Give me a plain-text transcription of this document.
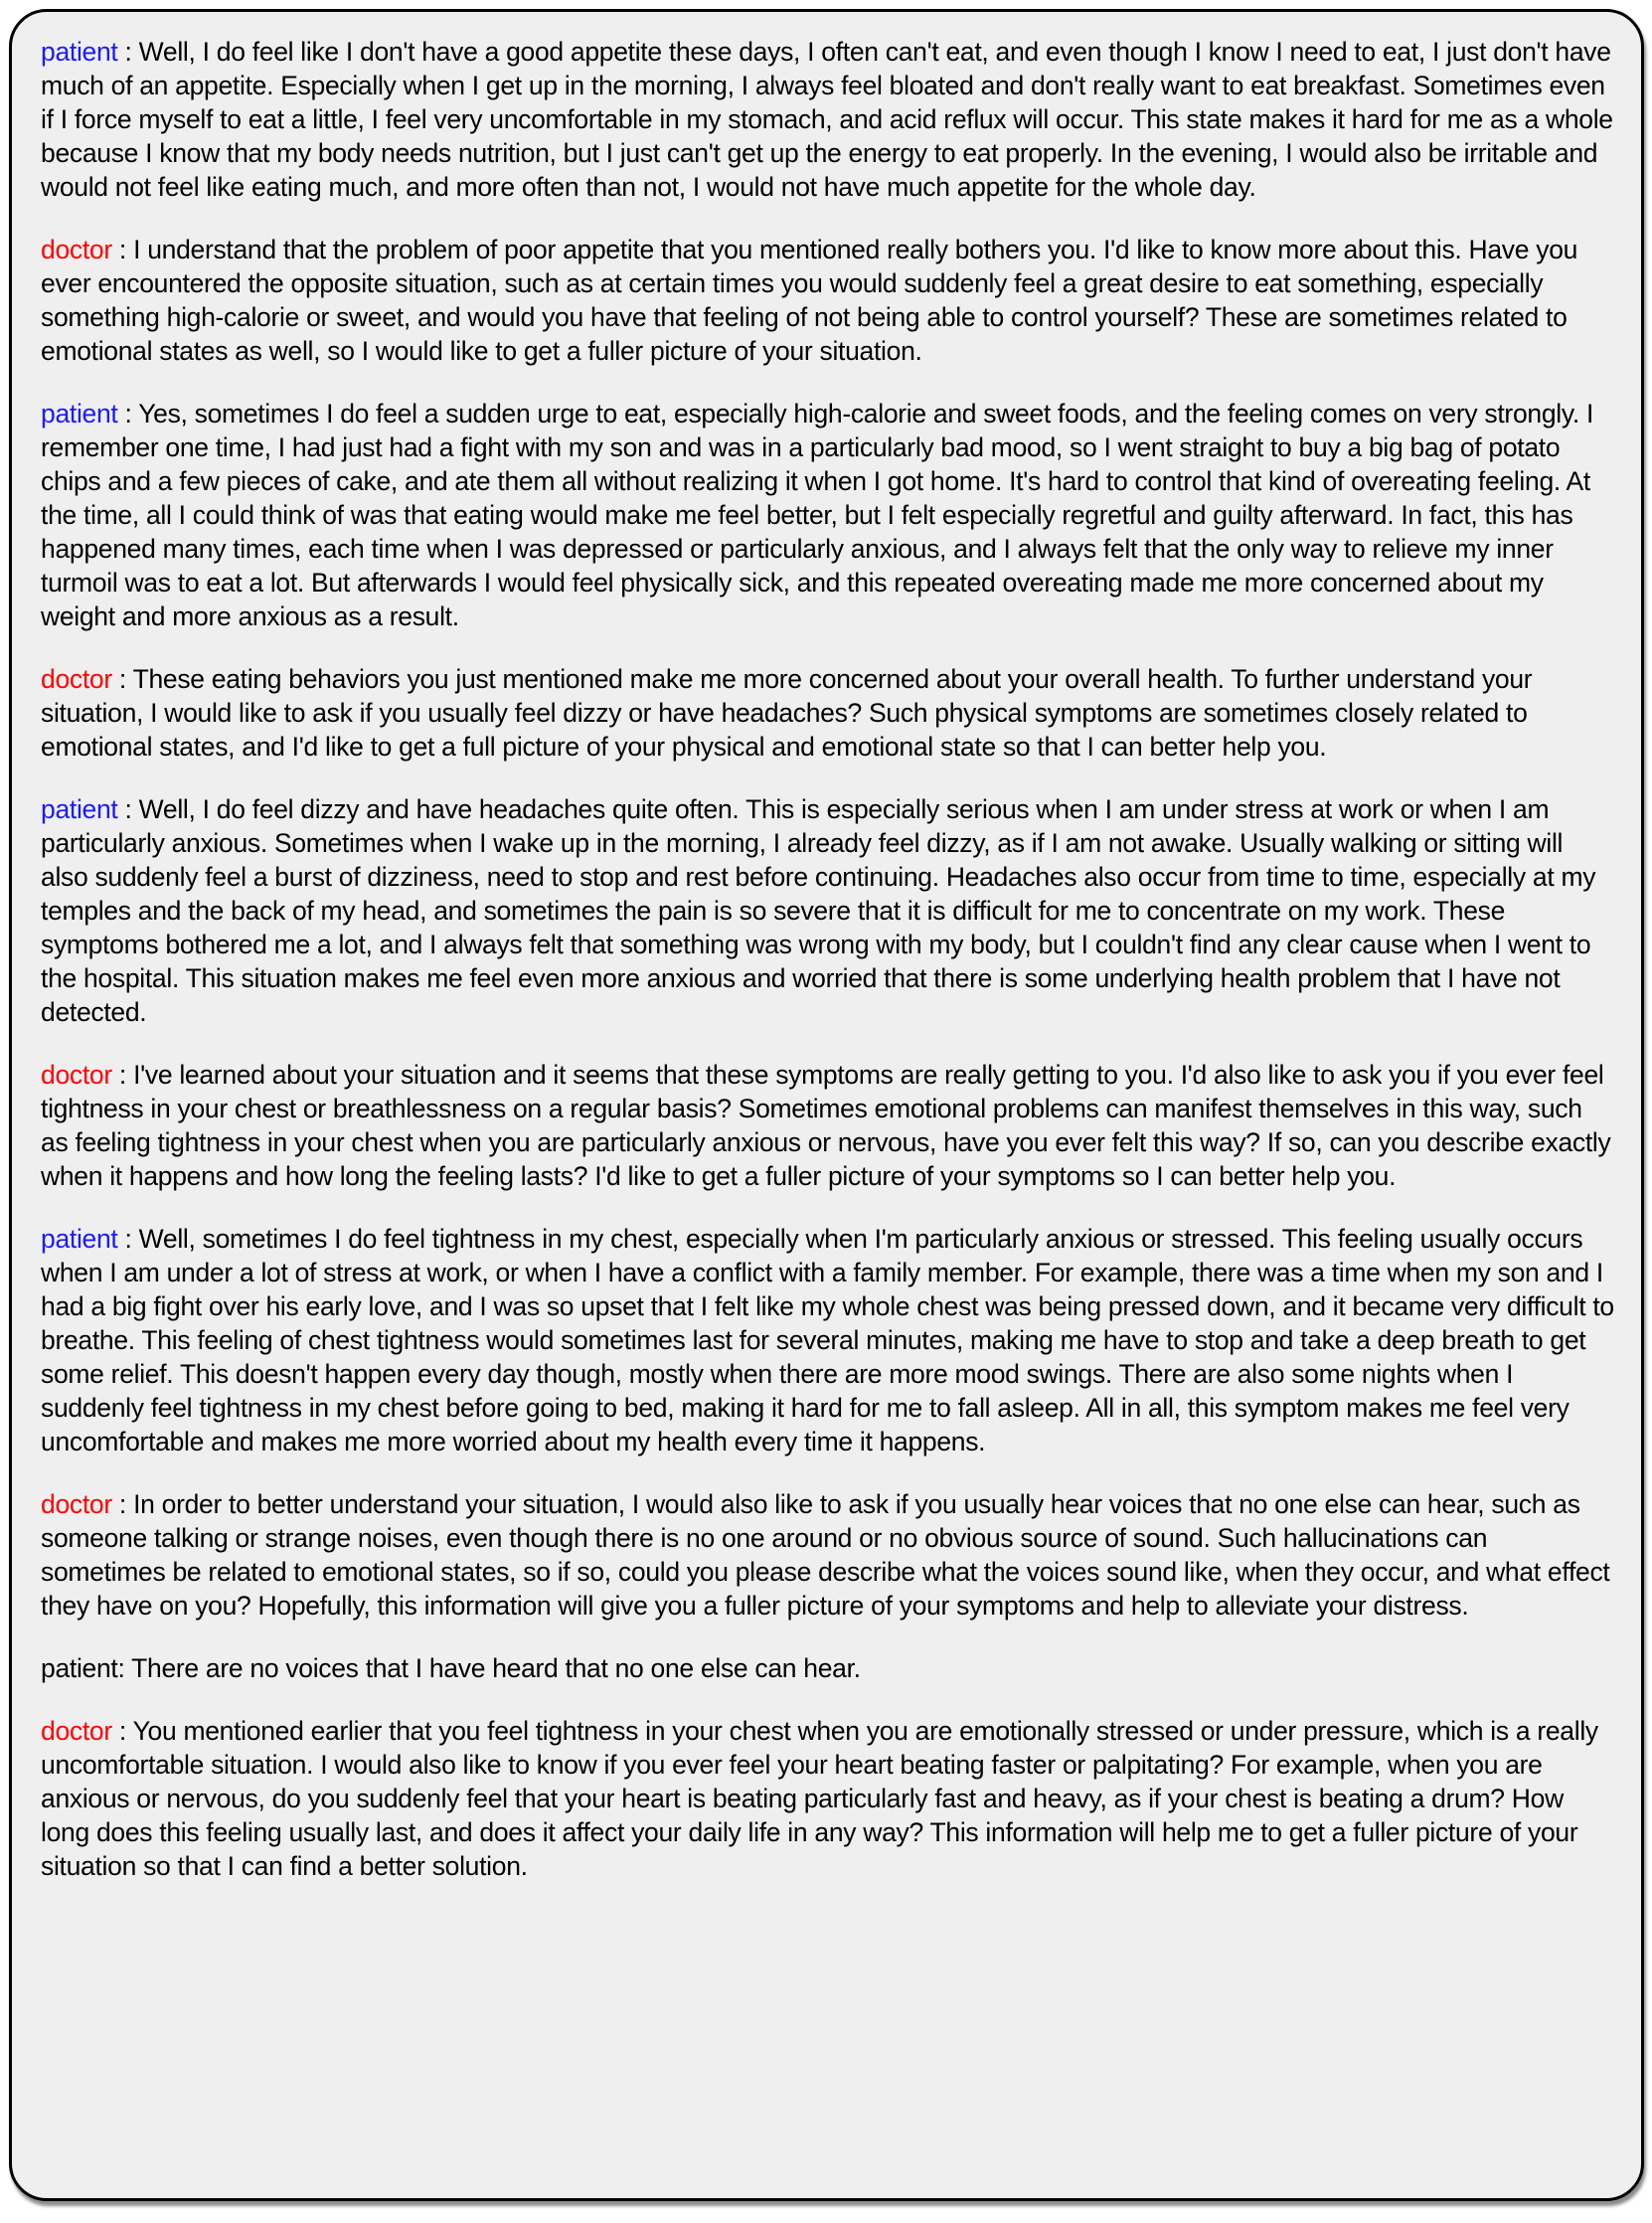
patient : Well, I do feel like I don't have a good appetite these days, I often can't eat, and even though I know I need to eat, I just don't have much of an appetite. Especially when I get up in the morning, I always feel bloated and don't really want to eat breakfast. Sometimes even if I force myself to eat a little, I feel very uncomfortable in my stomach, and acid reflux will occur. This state makes it hard for me as a whole because I know that my body needs nutrition, but I just can't get up the energy to eat properly. In the evening, I would also be irritable and would not feel like eating much, and more often than not, I would not have much appetite for the whole day.

doctor : I understand that the problem of poor appetite that you mentioned really bothers you. I'd like to know more about this. Have you ever encountered the opposite situation, such as at certain times you would suddenly feel a great desire to eat something, especially something high-calorie or sweet, and would you have that feeling of not being able to control yourself? These are sometimes related to emotional states as well, so I would like to get a fuller picture of your situation.

patient : Yes, sometimes I do feel a sudden urge to eat, especially high-calorie and sweet foods, and the feeling comes on very strongly. I remember one time, I had just had a fight with my son and was in a particularly bad mood, so I went straight to buy a big bag of potato chips and a few pieces of cake, and ate them all without realizing it when I got home. It's hard to control that kind of overeating feeling. At the time, all I could think of was that eating would make me feel better, but I felt especially regretful and guilty afterward. In fact, this has happened many times, each time when I was depressed or particularly anxious, and I always felt that the only way to relieve my inner turmoil was to eat a lot. But afterwards I would feel physically sick, and this repeated overeating made me more concerned about my weight and more anxious as a result.

doctor : These eating behaviors you just mentioned make me more concerned about your overall health. To further understand your situation, I would like to ask if you usually feel dizzy or have headaches? Such physical symptoms are sometimes closely related to emotional states, and I'd like to get a full picture of your physical and emotional state so that I can better help you.

patient : Well, I do feel dizzy and have headaches quite often. This is especially serious when I am under stress at work or when I am particularly anxious. Sometimes when I wake up in the morning, I already feel dizzy, as if I am not awake. Usually walking or sitting will also suddenly feel a burst of dizziness, need to stop and rest before continuing. Headaches also occur from time to time, especially at my temples and the back of my head, and sometimes the pain is so severe that it is difficult for me to concentrate on my work. These symptoms bothered me a lot, and I always felt that something was wrong with my body, but I couldn't find any clear cause when I went to the hospital. This situation makes me feel even more anxious and worried that there is some underlying health problem that I have not detected.

doctor : I've learned about your situation and it seems that these symptoms are really getting to you. I'd also like to ask you if you ever feel tightness in your chest or breathlessness on a regular basis? Sometimes emotional problems can manifest themselves in this way, such as feeling tightness in your chest when you are particularly anxious or nervous, have you ever felt this way? If so, can you describe exactly when it happens and how long the feeling lasts? I'd like to get a fuller picture of your symptoms so I can better help you.

patient : Well, sometimes I do feel tightness in my chest, especially when I'm particularly anxious or stressed. This feeling usually occurs when I am under a lot of stress at work, or when I have a conflict with a family member. For example, there was a time when my son and I had a big fight over his early love, and I was so upset that I felt like my whole chest was being pressed down, and it became very difficult to breathe. This feeling of chest tightness would sometimes last for several minutes, making me have to stop and take a deep breath to get some relief. This doesn't happen every day though, mostly when there are more mood swings. There are also some nights when I suddenly feel tightness in my chest before going to bed, making it hard for me to fall asleep. All in all, this symptom makes me feel very uncomfortable and makes me more worried about my health every time it happens.

doctor : In order to better understand your situation, I would also like to ask if you usually hear voices that no one else can hear, such as someone talking or strange noises, even though there is no one around or no obvious source of sound. Such hallucinations can sometimes be related to emotional states, so if so, could you please describe what the voices sound like, when they occur, and what effect they have on you? Hopefully, this information will give you a fuller picture of your symptoms and help to alleviate your distress.

patient: There are no voices that I have heard that no one else can hear.

doctor : You mentioned earlier that you feel tightness in your chest when you are emotionally stressed or under pressure, which is a really uncomfortable situation. I would also like to know if you ever feel your heart beating faster or palpitating? For example, when you are anxious or nervous, do you suddenly feel that your heart is beating particularly fast and heavy, as if your chest is beating a drum? How long does this feeling usually last, and does it affect your daily life in any way? This information will help me to get a fuller picture of your situation so that I can find a better solution.
